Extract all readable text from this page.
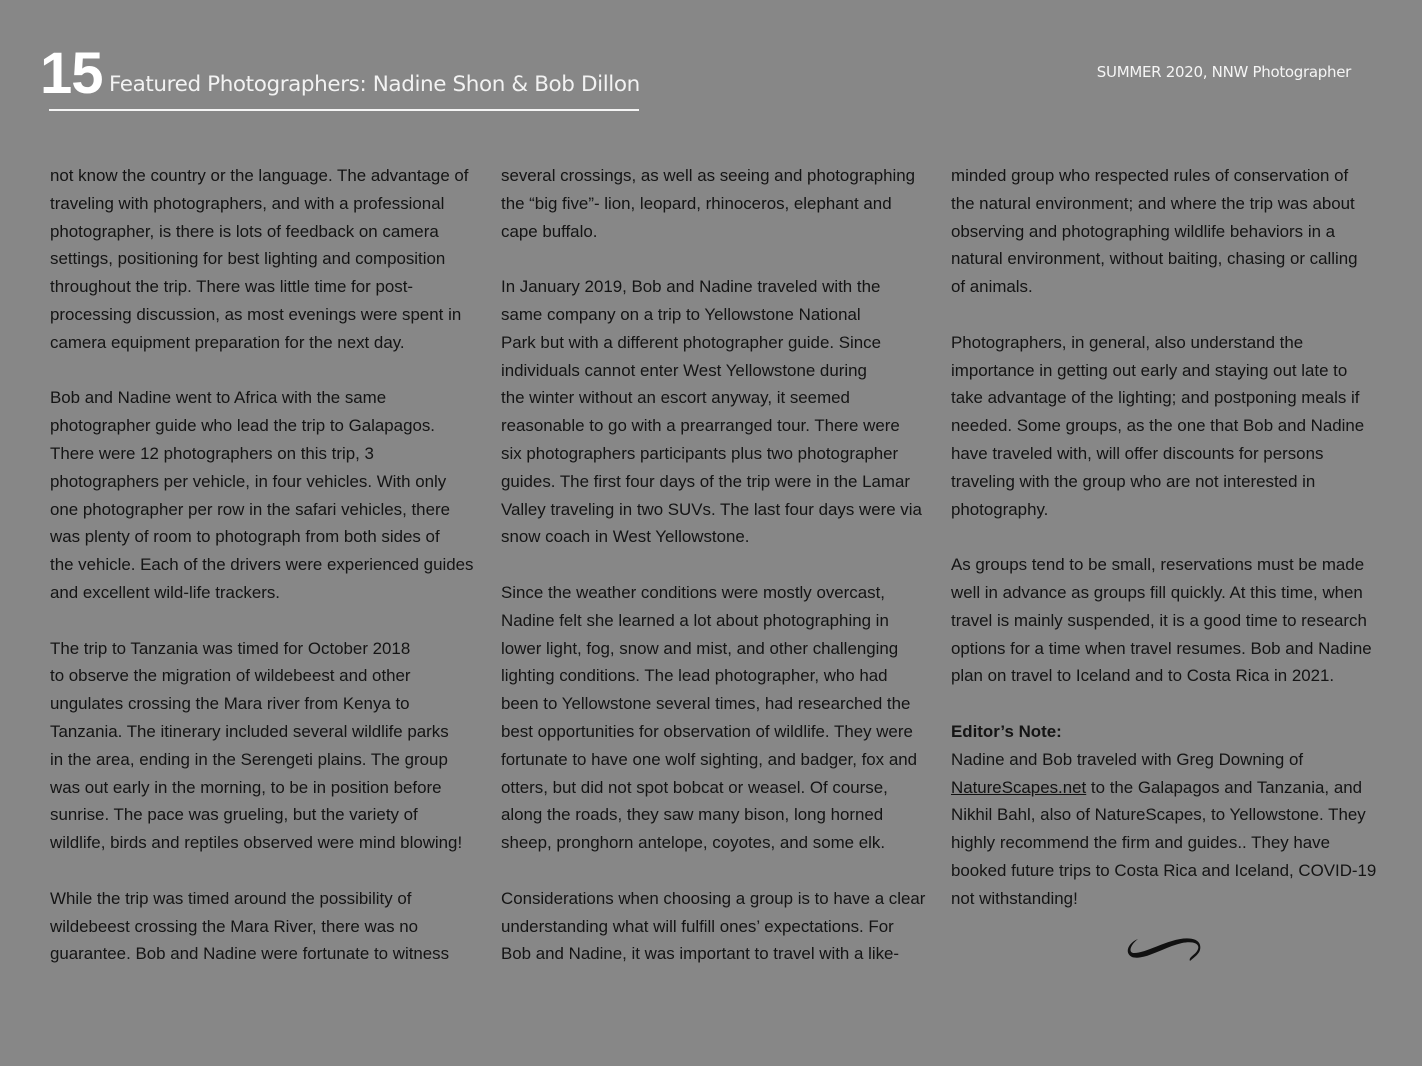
15 Featured Photographers: Nadine Shon & Bob Dillon	SUMMER 2020, NNW Photographer
not know the country or the language. The advantage of
traveling with photographers, and with a professional
photographer, is there is lots of feedback on camera
settings, positioning for best lighting and composition
throughout the trip. There was little time for post-
processing discussion, as most evenings were spent in
camera equipment preparation for the next day.
Bob and Nadine went to Africa with the same
photographer guide who lead the trip to Galapagos.
There were 12 photographers on this trip, 3
photographers per vehicle, in four vehicles. With only
one photographer per row in the safari vehicles, there
was plenty of room to photograph from both sides of
the vehicle. Each of the drivers were experienced guides
and excellent wild-life trackers.
The trip to Tanzania was timed for October 2018
to observe the migration of wildebeest and other
ungulates crossing the Mara river from Kenya to
Tanzania. The itinerary included several wildlife parks
in the area, ending in the Serengeti plains. The group
was out early in the morning, to be in position before
sunrise. The pace was grueling, but the variety of
wildlife, birds and reptiles observed were mind blowing!
While the trip was timed around the possibility of
wildebeest crossing the Mara River, there was no
guarantee. Bob and Nadine were fortunate to witness
several crossings, as well as seeing and photographing
the “big five”- lion, leopard, rhinoceros, elephant and
cape buffalo.
In January 2019, Bob and Nadine traveled with the
same company on a trip to Yellowstone National
Park but with a different photographer guide. Since
individuals cannot enter West Yellowstone during
the winter without an escort anyway, it seemed
reasonable to go with a prearranged tour. There were
six photographers participants plus two photographer
guides. The first four days of the trip were in the Lamar
Valley traveling in two SUVs. The last four days were via
snow coach in West Yellowstone.
Since the weather conditions were mostly overcast,
Nadine felt she learned a lot about photographing in
lower light, fog, snow and mist, and other challenging
lighting conditions. The lead photographer, who had
been to Yellowstone several times, had researched the
best opportunities for observation of wildlife. They were
fortunate to have one wolf sighting, and badger, fox and
otters, but did not spot bobcat or weasel. Of course,
along the roads, they saw many bison, long horned
sheep, pronghorn antelope, coyotes, and some elk.
Considerations when choosing a group is to have a clear
understanding what will fulfill ones’ expectations. For
Bob and Nadine, it was important to travel with a like-
minded group who respected rules of conservation of
the natural environment; and where the trip was about
observing and photographing wildlife behaviors in a
natural environment, without baiting, chasing or calling
of animals.
Photographers, in general, also understand the
importance in getting out early and staying out late to
take advantage of the lighting; and postponing meals if
needed. Some groups, as the one that Bob and Nadine
have traveled with, will offer discounts for persons
traveling with the group who are not interested in
photography.
As groups tend to be small, reservations must be made
well in advance as groups fill quickly. At this time, when
travel is mainly suspended, it is a good time to research
options for a time when travel resumes. Bob and Nadine
plan on travel to Iceland and to Costa Rica in 2021.
Editor’s Note:
Nadine and Bob traveled with Greg Downing of
NatureScapes.net to the Galapagos and Tanzania, and
Nikhil Bahl, also of NatureScapes, to Yellowstone. They
highly recommend the firm and guides.. They have
booked future trips to Costa Rica and Iceland, COVID-19
not withstanding!
